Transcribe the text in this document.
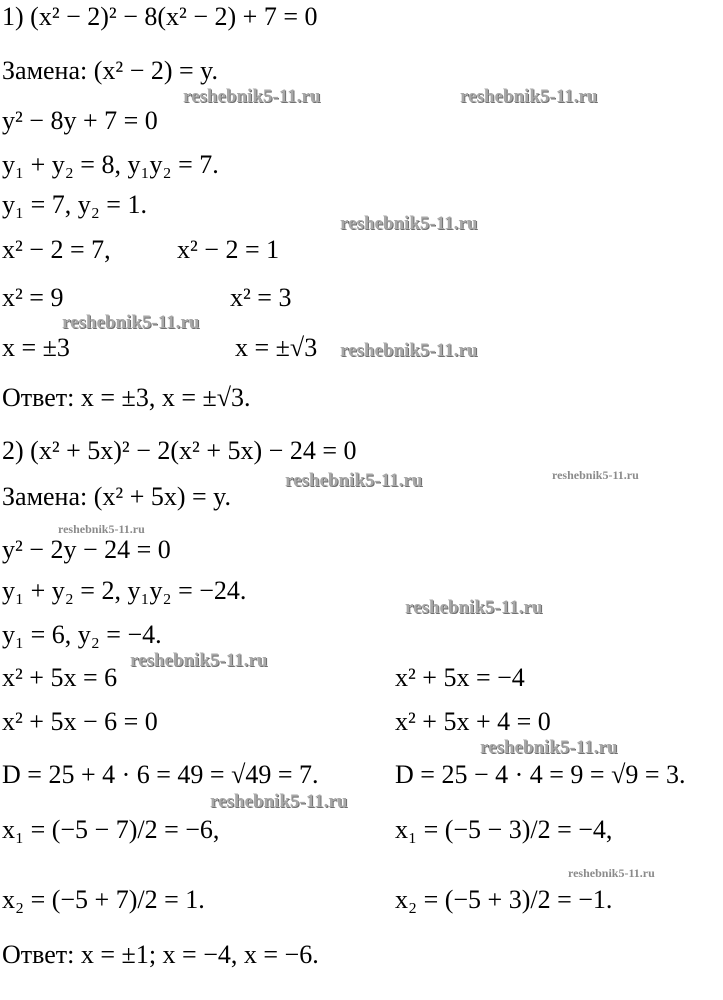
1) (x² − 2)² − 8(x² − 2) + 7 = 0
Замена: (x² − 2) = y.
y² − 8y + 7 = 0
y₁ + y₂ = 8, y₁y₂ = 7.
y₁ = 7, y₂ = 1.
x² − 2 = 7,	x² − 2 = 1
x² = 9	x² = 3
x = ±3	x = ±√3
Ответ: x = ±3, x = ±√3.
2) (x² + 5x)² − 2(x² + 5x) − 24 = 0
Замена: (x² + 5x) = y.
y² − 2y − 24 = 0
y₁ + y₂ = 2, y₁y₂ = −24.
y₁ = 6, y₂ = −4.
x² + 5x = 6	x² + 5x = −4
x² + 5x − 6 = 0	x² + 5x + 4 = 0
D = 25 + 4 · 6 = 49 = √49 = 7.	D = 25 − 4 · 4 = 9 = √9 = 3.
x₁ = (−5 − 7)/2 = −6,	x₁ = (−5 − 3)/2 = −4,
x₂ = (−5 + 7)/2 = 1.	x₂ = (−5 + 3)/2 = −1.
Ответ: x = ±1; x = −4, x = −6.
reshebnik5-11.ru	reshebnik5-11.ru
reshebnik5-11.ru
reshebnik5-11.ru
reshebnik5-11.ru
reshebnik5-11.ru	reshebnik5-11.ru
reshebnik5-11.ru
reshebnik5-11.ru
reshebnik5-11.ru
reshebnik5-11.ru
reshebnik5-11.ru
reshebnik5-11.ru
